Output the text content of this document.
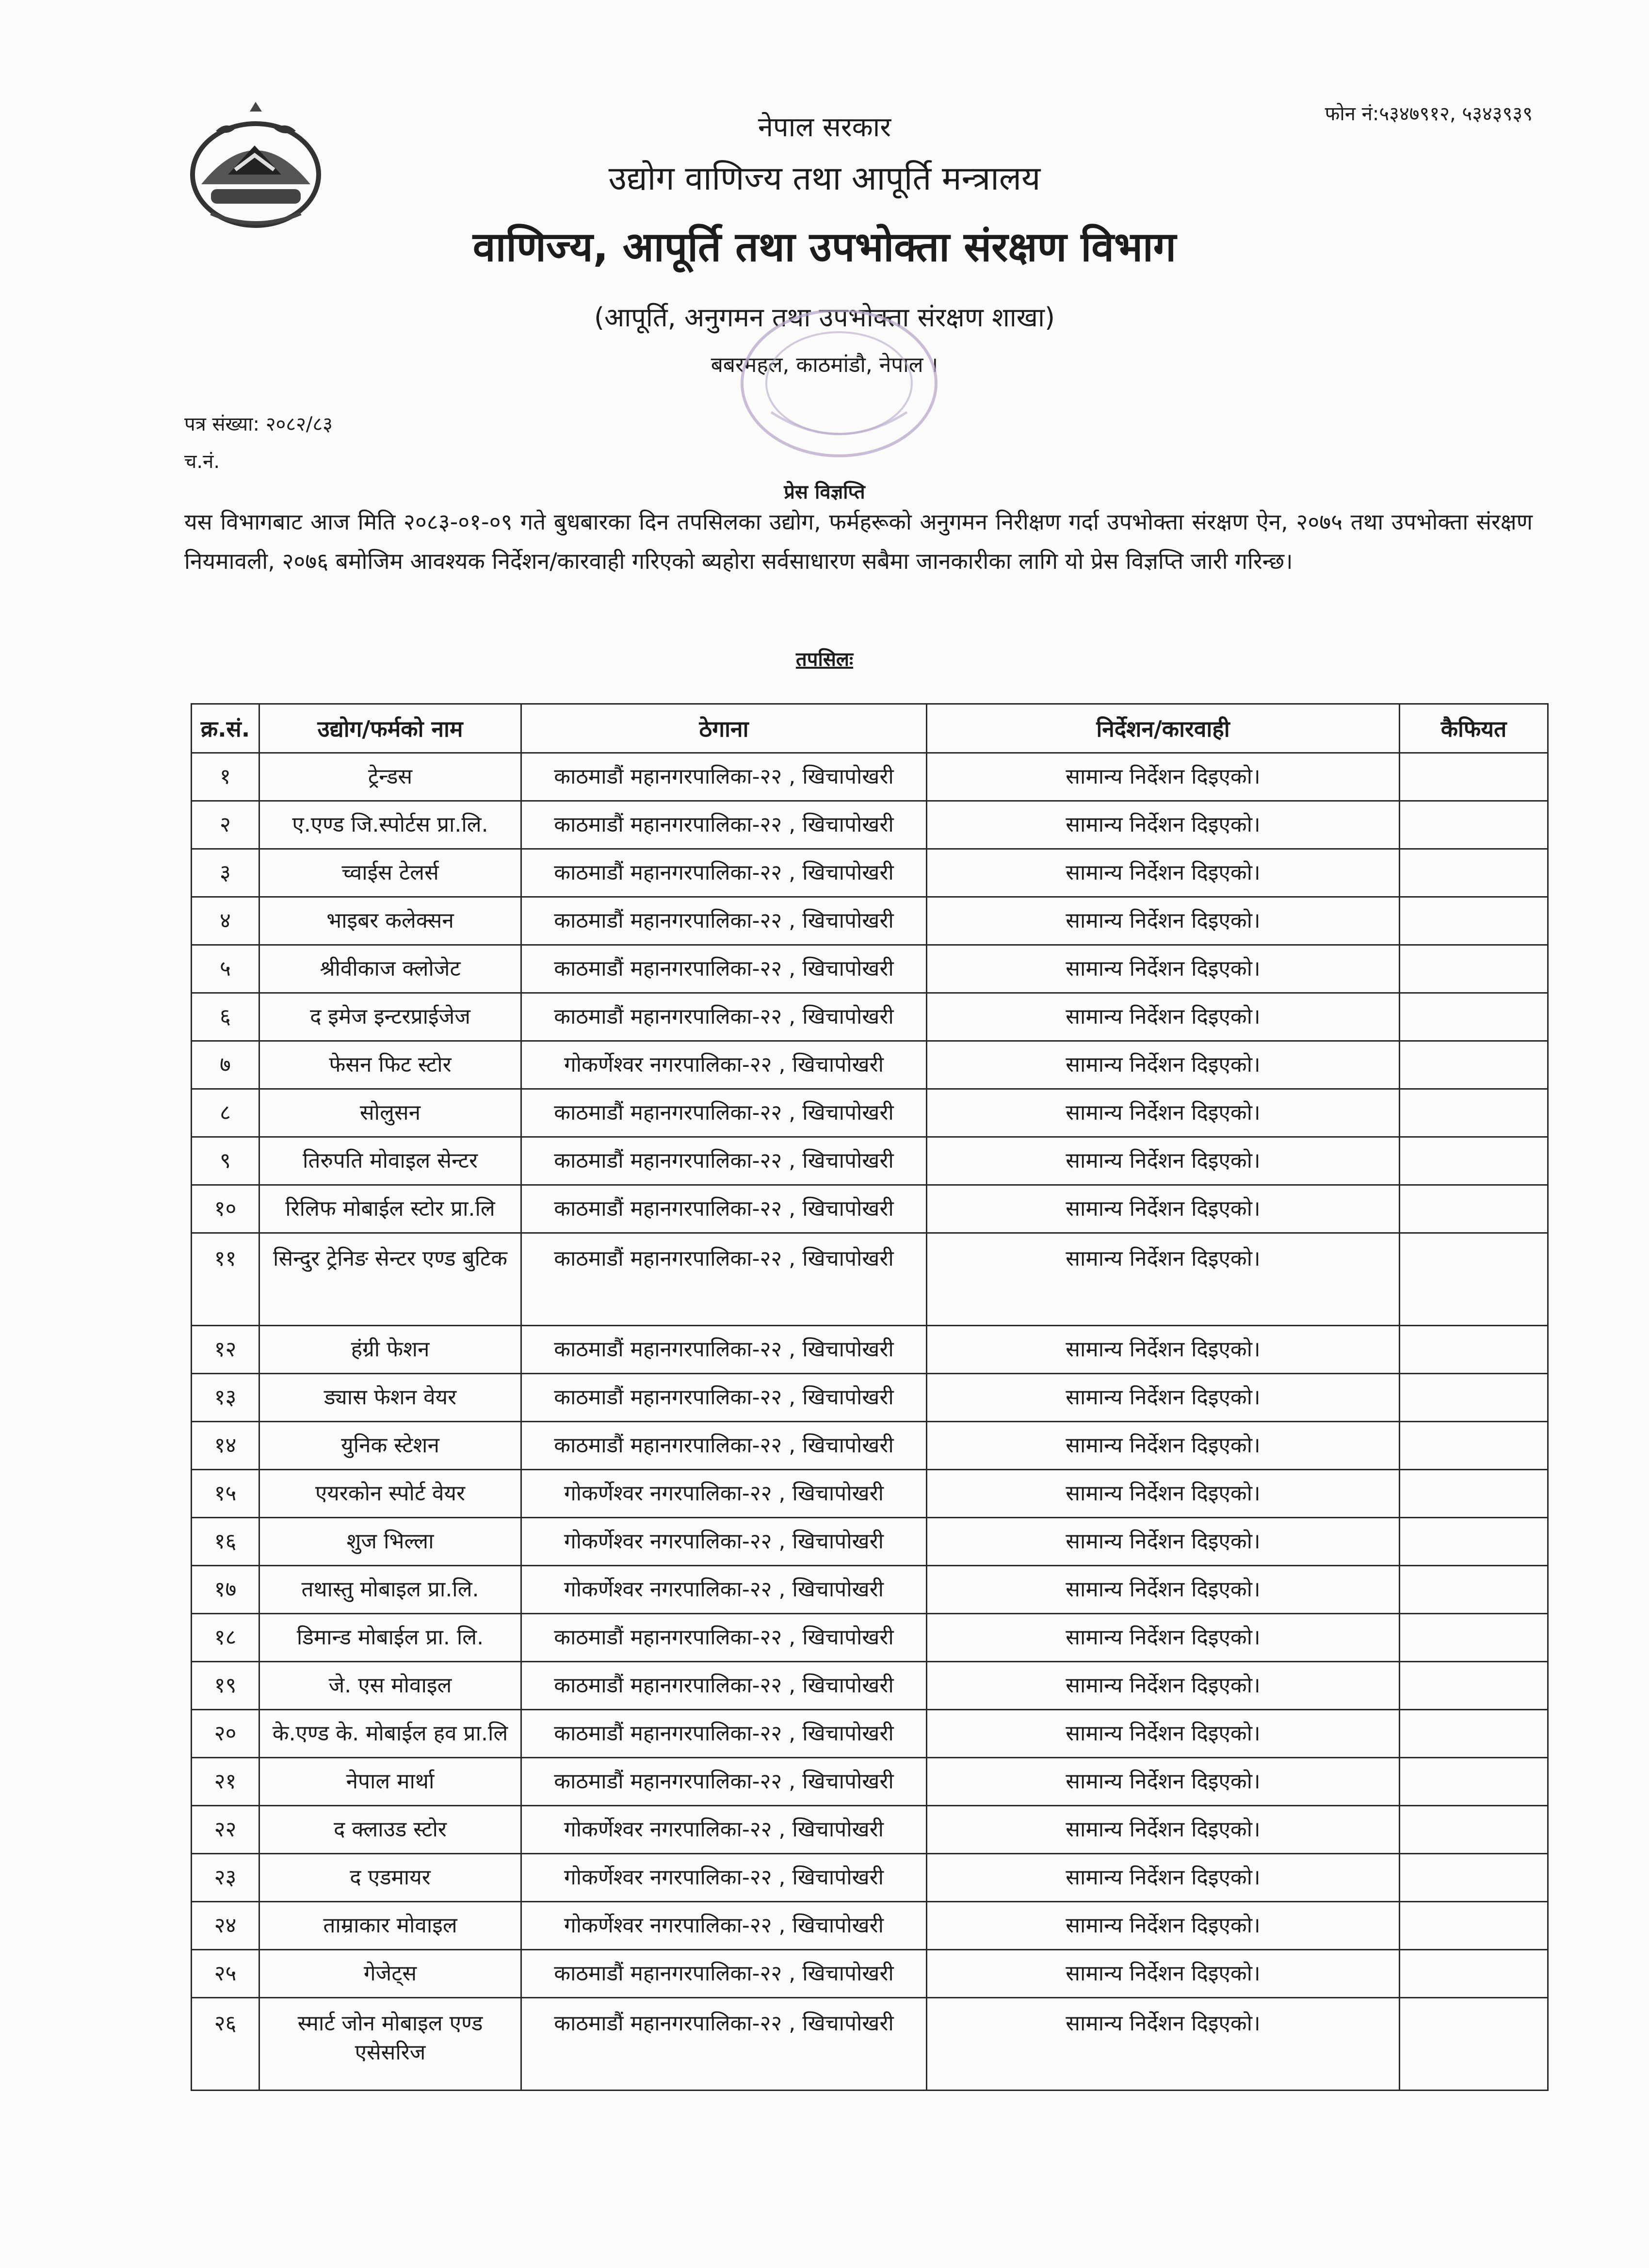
नेपाल सरकार	फोन नं:५३४७९१२, ५३४३९३९
उद्योग वाणिज्य तथा आपूर्ति मन्त्रालय
वाणिज्य, आपूर्ति तथा उपभोक्ता संरक्षण विभाग
(आपूर्ति, अनुगमन तथा उपभोक्ता संरक्षण शाखा)
बबरमहल, काठमांडौ, नेपाल ।
पत्र संख्या: २०८२/८३
च.नं.
प्रेस विज्ञप्ति
यस विभागबाट आज मिति २०८३-०१-०९ गते बुधबारका दिन तपसिलका उद्योग, फर्महरूको अनुगमन निरीक्षण गर्दा उपभोक्ता संरक्षण ऐन, २०७५ तथा उपभोक्ता संरक्षण नियमावली, २०७६ बमोजिम आवश्यक निर्देशन/कारवाही गरिएको ब्यहोरा सर्वसाधारण सबैमा जानकारीका लागि यो प्रेस विज्ञप्ति जारी गरिन्छ।
तपसिलः
क्र.सं.	उद्योग/फर्मको नाम	ठेगाना	निर्देशन/कारवाही	कैफियत
१	ट्रेन्डस	काठमाडौं महानगरपालिका-२२ , खिचापोखरी	सामान्य निर्देशन दिइएको।	
२	ए.एण्ड जि.स्पोर्टस प्रा.लि.	काठमाडौं महानगरपालिका-२२ , खिचापोखरी	सामान्य निर्देशन दिइएको।	
३	च्वाईस टेलर्स	काठमाडौं महानगरपालिका-२२ , खिचापोखरी	सामान्य निर्देशन दिइएको।	
४	भाइबर कलेक्सन	काठमाडौं महानगरपालिका-२२ , खिचापोखरी	सामान्य निर्देशन दिइएको।	
५	श्रीवीकाज क्लोजेट	काठमाडौं महानगरपालिका-२२ , खिचापोखरी	सामान्य निर्देशन दिइएको।	
६	द इमेज इन्टरप्राईजेज	काठमाडौं महानगरपालिका-२२ , खिचापोखरी	सामान्य निर्देशन दिइएको।	
७	फेसन फिट स्टोर	गोकर्णेश्वर नगरपालिका-२२ , खिचापोखरी	सामान्य निर्देशन दिइएको।	
८	सोलुसन	काठमाडौं महानगरपालिका-२२ , खिचापोखरी	सामान्य निर्देशन दिइएको।	
९	तिरुपति मोवाइल सेन्टर	काठमाडौं महानगरपालिका-२२ , खिचापोखरी	सामान्य निर्देशन दिइएको।	
१०	रिलिफ मोबाईल स्टोर प्रा.लि	काठमाडौं महानगरपालिका-२२ , खिचापोखरी	सामान्य निर्देशन दिइएको।	
११	सिन्दुर ट्रेनिङ सेन्टर एण्ड बुटिक	काठमाडौं महानगरपालिका-२२ , खिचापोखरी	सामान्य निर्देशन दिइएको।	
१२	हंग्री फेशन	काठमाडौं महानगरपालिका-२२ , खिचापोखरी	सामान्य निर्देशन दिइएको।	
१३	ड्यास फेशन वेयर	काठमाडौं महानगरपालिका-२२ , खिचापोखरी	सामान्य निर्देशन दिइएको।	
१४	युनिक स्टेशन	काठमाडौं महानगरपालिका-२२ , खिचापोखरी	सामान्य निर्देशन दिइएको।	
१५	एयरकोन स्पोर्ट वेयर	गोकर्णेश्वर नगरपालिका-२२ , खिचापोखरी	सामान्य निर्देशन दिइएको।	
१६	शुज भिल्ला	गोकर्णेश्वर नगरपालिका-२२ , खिचापोखरी	सामान्य निर्देशन दिइएको।	
१७	तथास्तु मोबाइल प्रा.लि.	गोकर्णेश्वर नगरपालिका-२२ , खिचापोखरी	सामान्य निर्देशन दिइएको।	
१८	डिमान्ड मोबाईल प्रा. लि.	काठमाडौं महानगरपालिका-२२ , खिचापोखरी	सामान्य निर्देशन दिइएको।	
१९	जे. एस मोवाइल	काठमाडौं महानगरपालिका-२२ , खिचापोखरी	सामान्य निर्देशन दिइएको।	
२०	के.एण्ड के. मोबाईल हव प्रा.लि	काठमाडौं महानगरपालिका-२२ , खिचापोखरी	सामान्य निर्देशन दिइएको।	
२१	नेपाल मार्था	काठमाडौं महानगरपालिका-२२ , खिचापोखरी	सामान्य निर्देशन दिइएको।	
२२	द क्लाउड स्टोर	गोकर्णेश्वर नगरपालिका-२२ , खिचापोखरी	सामान्य निर्देशन दिइएको।	
२३	द एडमायर	गोकर्णेश्वर नगरपालिका-२२ , खिचापोखरी	सामान्य निर्देशन दिइएको।	
२४	ताम्राकार मोवाइल	गोकर्णेश्वर नगरपालिका-२२ , खिचापोखरी	सामान्य निर्देशन दिइएको।	
२५	गेजेट्स	काठमाडौं महानगरपालिका-२२ , खिचापोखरी	सामान्य निर्देशन दिइएको।	
२६	स्मार्ट जोन मोबाइल एण्ड एसेसरिज	काठमाडौं महानगरपालिका-२२ , खिचापोखरी	सामान्य निर्देशन दिइएको।	
